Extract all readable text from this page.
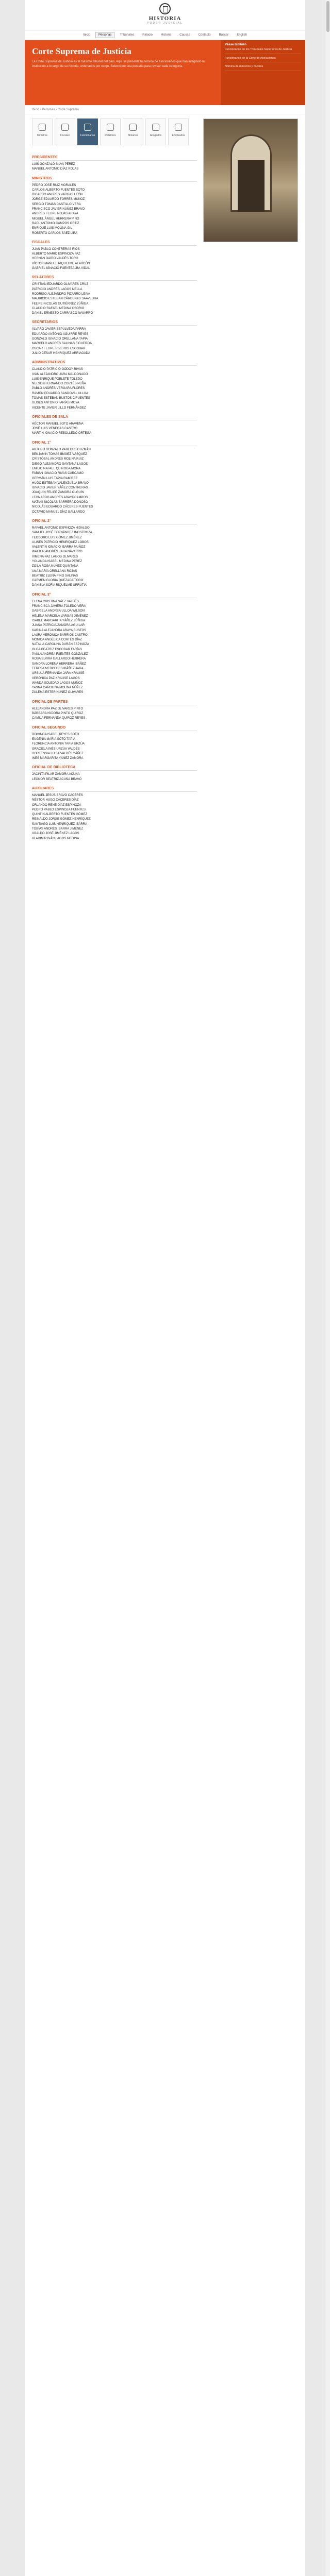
HISTORIA
PODER JUDICIAL
Inicio	Personas	Tribunales	Palacio	Historia	Causas	Contacto	Buscar	English
Corte Suprema de Justicia
La Corte Suprema de Justicia es el máximo tribunal del país. Aquí se presenta la nómina de funcionarios que han integrado la institución a lo largo de su historia, ordenados por cargo. Seleccione una pestaña para revisar cada categoría.
Véase también
Funcionarios de los Tribunales Superiores de Justicia
Funcionarios de la Corte de Apelaciones
Nómina de ministros y fiscales
Inicio › Personas › Corte Suprema
Ministros	Fiscales	Funcionarios	Relatores	Notarios	Abogados	Empleados
PRESIDENTES
LUIS GONZALO SILVA PÉREZ
MANUEL ANTONIO DÍAZ ROJAS
MINISTROS
PEDRO JOSÉ RUIZ MORALES
CARLOS ALBERTO FUENTES SOTO
RICARDO ANDRÉS VARGAS LEÓN
JORGE EDUARDO TORRES MUÑOZ
SERGIO TOMÁS CASTILLO VERA
FRANCISCO JAVIER NÚÑEZ BRAVO
ANDRÉS FELIPE ROJAS ARAYA
MIGUEL ÁNGEL HERRERA PINO
RAÚL ANTONIO CAMPOS ORTIZ
ENRIQUE LUIS MOLINA GIL
ROBERTO CARLOS SÁEZ LIRA
FISCALES
JUAN PABLO CONTRERAS RÍOS
ALBERTO MARIO ESPINOZA PAZ
HERNÁN DARÍO VALDÉS TORO
VÍCTOR MANUEL RIQUELME ALARCÓN
GABRIEL IGNACIO FUENTEALBA VIDAL
RELATORES
CRISTIÁN EDUARDO OLIVARES CRUZ
PATRICIO ANDRÉS LAGOS MELLA
RODRIGO ALEJANDRO PIZARRO LEIVA
MAURICIO ESTEBAN CÁRDENAS SAAVEDRA
FELIPE NICOLÁS GUTIÉRREZ ZÚÑIGA
CLAUDIO RAFAEL MEDINA OSORIO
DANIEL ERNESTO CARRASCO NAVARRO
SECRETARIOS
ÁLVARO JAVIER SEPÚLVEDA PARRA
EDUARDO ANTONIO AGUIRRE REYES
GONZALO IGNACIO ORELLANA TAPIA
MARCELO ANDRÉS SALINAS FIGUEROA
OSCAR FELIPE RIVEROS ESCOBAR
JULIO CÉSAR HENRÍQUEZ ARRIAGADA
ADMINISTRATIVOS
CLAUDIO PATRICIO GODOY RIVAS
IVÁN ALEJANDRO JARA MALDONADO
LUIS ENRIQUE POBLETE TOLEDO
NELSON FERNANDO CORTÉS PEÑA
PABLO ANDRÉS VERGARA FLORES
RAMÓN EDUARDO SANDOVAL ULLOA
TOMÁS ESTEBAN BUSTOS CIFUENTES
ULISES ANTONIO FARÍAS MOYA
VICENTE JAVIER LILLO FERNÁNDEZ
OFICIALES DE SALA
HÉCTOR MANUEL SOTO ARAVENA
JOSÉ LUIS VENEGAS CASTRO
MARTÍN IGNACIO REBOLLEDO ORTEGA
OFICIAL 1°
ARTURO GONZALO PAREDES GUZMÁN
BENJAMÍN TOMÁS IBÁÑEZ VÁSQUEZ
CRISTÓBAL ANDRÉS MOLINA RUIZ
DIEGO ALEJANDRO SANTANA LAGOS
EMILIO RAFAEL QUIROGA MORA
FABIÁN IGNACIO RIVAS CÁRCAMO
GERMÁN LUIS TAPIA RAMÍREZ
HUGO ESTEBAN VALENZUELA BRAVO
IGNACIO JAVIER YÁÑEZ CONTRERAS
JOAQUÍN FELIPE ZAMORA OLGUÍN
LEONARDO ANDRÉS ARAYA CAMPOS
MATÍAS NICOLÁS BARRERA DONOSO
NICOLÁS EDUARDO CÁCERES FUENTES
OCTAVIO MANUEL DÍAZ GALLARDO
OFICIAL 2°
RAFAEL ANTONIO ESPINOZA HIDALGO
SAMUEL JOSÉ FERNÁNDEZ INOSTROZA
TEODORO LUIS GÓMEZ JIMÉNEZ
ULISES PATRICIO HENRÍQUEZ LOBOS
VALENTÍN IGNACIO IBARRA MUÑOZ
WALTER ANDRÉS JARA NAVARRO
XIMENA PAZ LAGOS OLIVARES
YOLANDA ISABEL MEDINA PÉREZ
ZOILA ROSA NÚÑEZ QUINTANA
ANA MARÍA ORELLANA ROJAS
BEATRIZ ELENA PINO SALINAS
CARMEN GLORIA QUEZADA TORO
DANIELA SOFÍA RIQUELME URRUTIA
OFICIAL 3°
ELENA CRISTINA SÁEZ VALDÉS
FRANCISCA JAVIERA TOLEDO VERA
GABRIELA ANDREA ULLOA WILSON
HELENA MARCELA VARGAS XIMÉNEZ
ISABEL MARGARITA YÁÑEZ ZÚÑIGA
JUANA PATRICIA ZAMORA AGUILAR
KARINA ALEJANDRA ARAYA BUSTOS
LAURA VERÓNICA BARRIOS CASTRO
MÓNICA ANGÉLICA CORTÉS DÍAZ
NATALIA CAROLINA DURÁN ESPINOZA
OLGA BEATRIZ ESCOBAR FARÍAS
PAULA ANDREA FUENTES GONZÁLEZ
ROSA ELVIRA GALLARDO HERRERA
SANDRA LORENA HERRERA IBÁÑEZ
TERESA MERCEDES IBÁÑEZ JARA
URSULA FERNANDA JARA KRAUSE
VERÓNICA PAZ KRAUSE LAGOS
WANDA SOLEDAD LAGOS MUÑOZ
YASNA CAROLINA MOLINA NÚÑEZ
ZULEMA ESTER NÚÑEZ OLIVARES
OFICIAL DE PARTES
ALEJANDRA PAZ OLIVARES PINTO
BÁRBARA ISIDORA PINTO QUIROZ
CAMILA FERNANDA QUIROZ REYES
OFICIAL SEGUNDO
DOMINGA ISABEL REYES SOTO
EUGENIA MARÍA SOTO TAPIA
FLORENCIA ANTONIA TAPIA URZÚA
GRACIELA INÉS URZÚA VALDÉS
HORTENSIA LUISA VALDÉS YÁÑEZ
INÉS MARGARITA YÁÑEZ ZAMORA
OFICIAL DE BIBLIOTECA
JACINTA PILAR ZAMORA ACUÑA
LEONOR BEATRIZ ACUÑA BRAVO
AUXILIARES
MANUEL JESÚS BRAVO CÁCERES
NÉSTOR HUGO CÁCERES DÍAZ
ORLANDO RENÉ DÍAZ ESPINOZA
PEDRO PABLO ESPINOZA FUENTES
QUINTÍN ALBERTO FUENTES GÓMEZ
REINALDO JORGE GÓMEZ HENRÍQUEZ
SANTIAGO LUIS HENRÍQUEZ IBARRA
TOBÍAS ANDRÉS IBARRA JIMÉNEZ
UBALDO JOSÉ JIMÉNEZ LAGOS
VLADIMIR IVÁN LAGOS MEDINA
